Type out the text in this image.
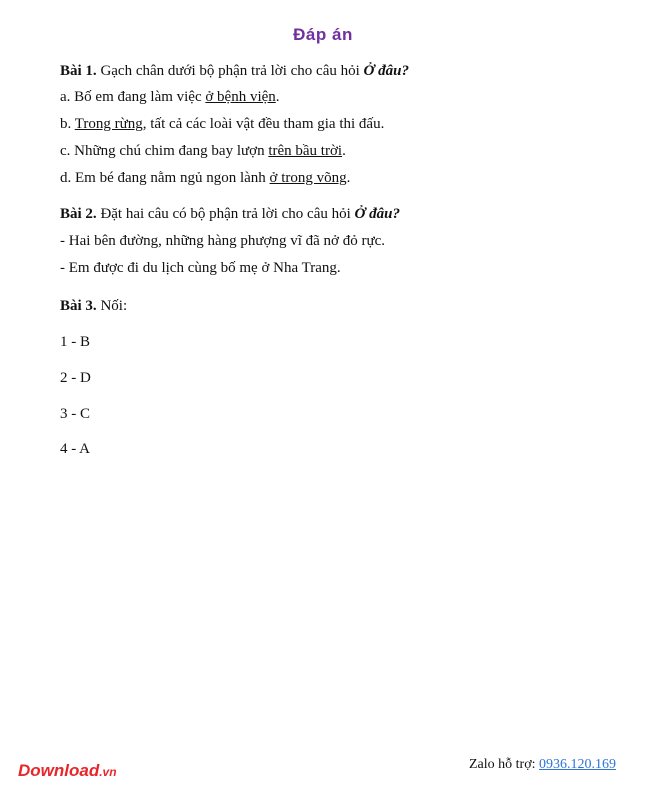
Đáp án
Bài 1. Gạch chân dưới bộ phận trả lời cho câu hỏi Ở đâu?
a. Bố em đang làm việc ở bệnh viện.
b. Trong rừng, tất cả các loài vật đều tham gia thi đấu.
c. Những chú chim đang bay lượn trên bầu trời.
d. Em bé đang nằm ngủ ngon lành ở trong võng.
Bài 2. Đặt hai câu có bộ phận trả lời cho câu hỏi Ở đâu?
- Hai bên đường, những hàng phượng vĩ đã nở đỏ rực.
- Em được đi du lịch cùng bố mẹ ở Nha Trang.
Bài 3. Nối:
1 - B
2 - D
3 - C
4 - A
Download.vn	Zalo hỗ trợ: 0936.120.169
